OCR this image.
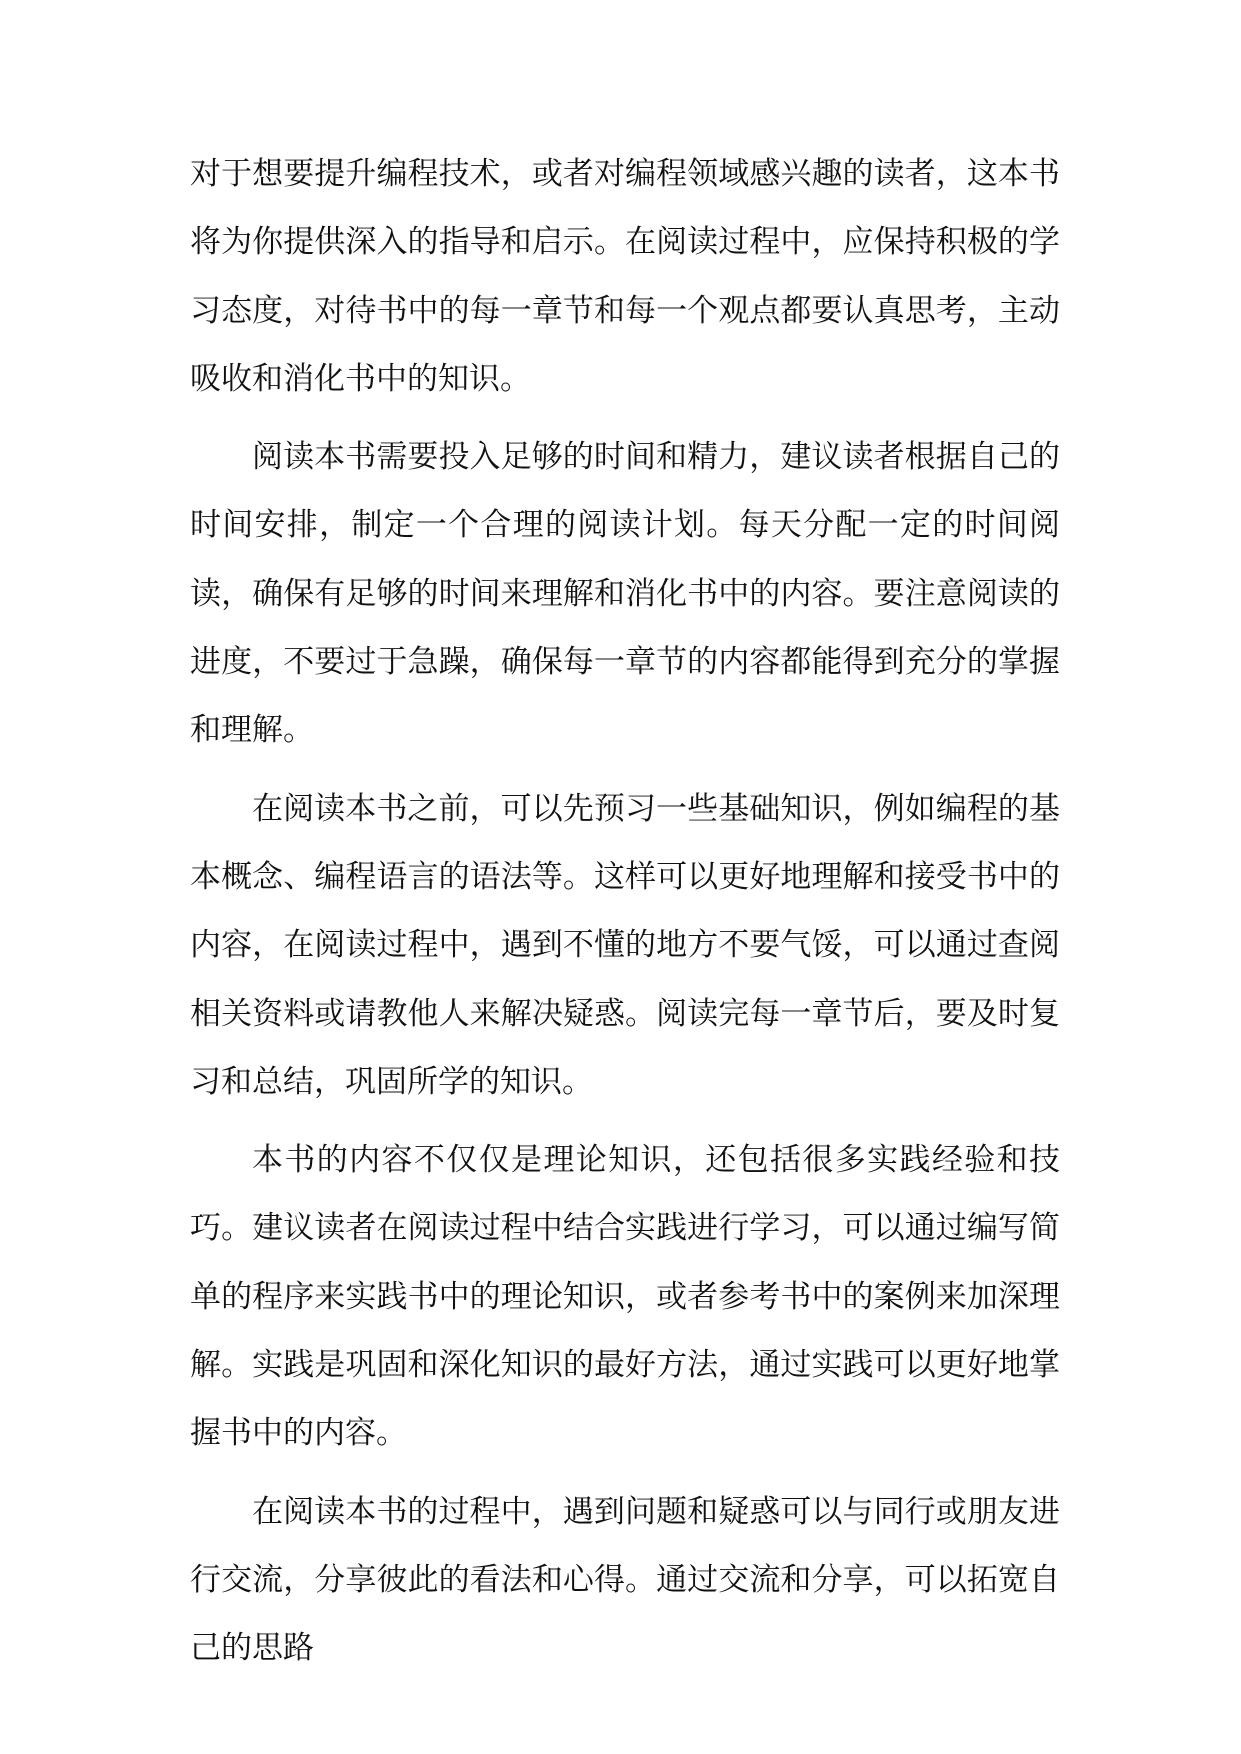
对于想要提升编程技术，或者对编程领域感兴趣的读者，这本书将为你提供深入的指导和启示。在阅读过程中，应保持积极的学习态度，对待书中的每一章节和每一个观点都要认真思考，主动吸收和消化书中的知识。

阅读本书需要投入足够的时间和精力，建议读者根据自己的时间安排，制定一个合理的阅读计划。每天分配一定的时间阅读，确保有足够的时间来理解和消化书中的内容。要注意阅读的进度，不要过于急躁，确保每一章节的内容都能得到充分的掌握和理解。

在阅读本书之前，可以先预习一些基础知识，例如编程的基本概念、编程语言的语法等。这样可以更好地理解和接受书中的内容，在阅读过程中，遇到不懂的地方不要气馁，可以通过查阅相关资料或请教他人来解决疑惑。阅读完每一章节后，要及时复习和总结，巩固所学的知识。

本书的内容不仅仅是理论知识，还包括很多实践经验和技巧。建议读者在阅读过程中结合实践进行学习，可以通过编写简单的程序来实践书中的理论知识，或者参考书中的案例来加深理解。实践是巩固和深化知识的最好方法，通过实践可以更好地掌握书中的内容。

在阅读本书的过程中，遇到问题和疑惑可以与同行或朋友进行交流，分享彼此的看法和心得。通过交流和分享，可以拓宽自己的思路
